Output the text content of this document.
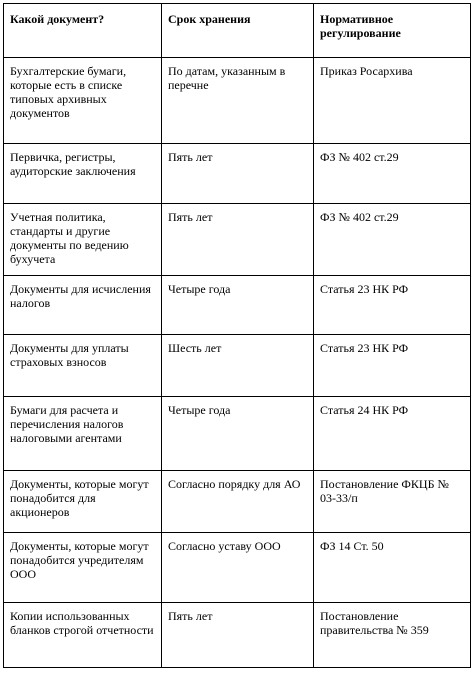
Какой документ?	Срок хранения	Нормативное регулирование
Бухгалтерские бумаги, которые есть в списке типовых архивных документов	По датам, указанным в перечне	Приказ Росархива
Первичка, регистры, аудиторские заключения	Пять лет	ФЗ № 402 ст.29
Учетная политика, стандарты и другие документы по ведению бухучета	Пять лет	ФЗ № 402 ст.29
Документы для исчисления налогов	Четыре года	Статья 23 НК РФ
Документы для уплаты страховых взносов	Шесть лет	Статья 23 НК РФ
Бумаги для расчета и перечисления налогов налоговыми агентами	Четыре года	Статья 24 НК РФ
Документы, которые могут понадобится для акционеров	Согласно порядку для АО	Постановление ФКЦБ № 03-33/п
Документы, которые могут понадобится учредителям ООО	Согласно уставу ООО	ФЗ 14 Ст. 50
Копии использованных бланков строгой отчетности	Пять лет	Постановление правительства № 359
